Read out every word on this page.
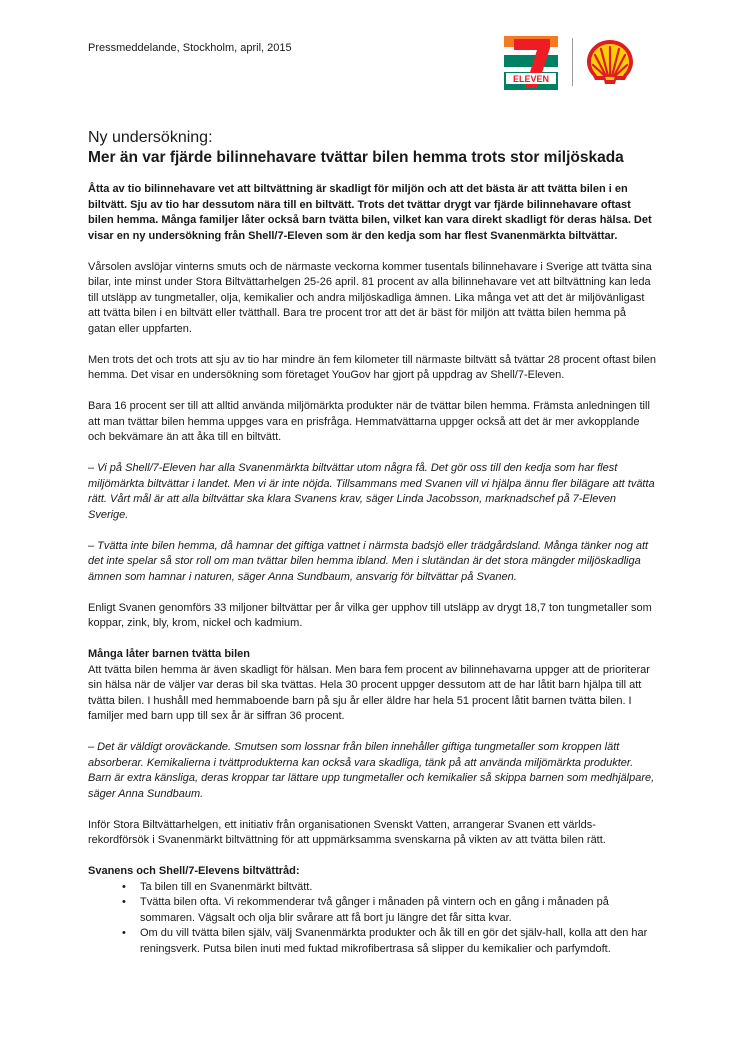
Pressmeddelande, Stockholm, april, 2015
ELEVEN
Ny undersökning:
Mer än var fjärde bilinnehavare tvättar bilen hemma trots stor miljöskada

Åtta av tio bilinnehavare vet att biltvättning är skadligt för miljön och att det bästa är att tvätta bilen i en biltvätt. Sju av tio har dessutom nära till en biltvätt. Trots det tvättar drygt var fjärde bilinnehavare oftast bilen hemma. Många familjer låter också barn tvätta bilen, vilket kan vara direkt skadligt för deras hälsa. Det visar en ny undersökning från Shell/7-Eleven som är den kedja som har flest Svanenmärkta biltvättar.

Vårsolen avslöjar vinterns smuts och de närmaste veckorna kommer tusentals bilinnehavare i Sverige att tvätta sina bilar, inte minst under Stora Biltvättarhelgen 25-26 april. 81 procent av alla bilinnehavare vet att biltvättning kan leda till utsläpp av tungmetaller, olja, kemikalier och andra miljöskadliga ämnen. Lika många vet att det är miljövänligast att tvätta bilen i en biltvätt eller tvätthall. Bara tre procent tror att det är bäst för miljön att tvätta bilen hemma på gatan eller uppfarten.

Men trots det och trots att sju av tio har mindre än fem kilometer till närmaste biltvätt så tvättar 28 procent oftast bilen hemma. Det visar en undersökning som företaget YouGov har gjort på uppdrag av Shell/7-Eleven.

Bara 16 procent ser till att alltid använda miljömärkta produkter när de tvättar bilen hemma. Främsta anledningen till att man tvättar bilen hemma uppges vara en prisfråga. Hemmatvättarna uppger också att det är mer avkopplande och bekvämare än att åka till en biltvätt.

– Vi på Shell/7-Eleven har alla Svanenmärkta biltvättar utom några få. Det gör oss till den kedja som har flest miljömärkta biltvättar i landet. Men vi är inte nöjda. Tillsammans med Svanen vill vi hjälpa ännu fler bilägare att tvätta rätt. Vårt mål är att alla biltvättar ska klara Svanens krav, säger Linda Jacobsson, marknadschef på 7-Eleven Sverige.

– Tvätta inte bilen hemma, då hamnar det giftiga vattnet i närmsta badsjö eller trädgårdsland. Många tänker nog att det inte spelar så stor roll om man tvättar bilen hemma ibland. Men i slutändan är det stora mängder miljöskadliga ämnen som hamnar i naturen, säger Anna Sundbaum, ansvarig för biltvättar på Svanen.

Enligt Svanen genomförs 33 miljoner biltvättar per år vilka ger upphov till utsläpp av drygt 18,7 ton tungmetaller som koppar, zink, bly, krom, nickel och kadmium.

Många låter barnen tvätta bilen

Att tvätta bilen hemma är även skadligt för hälsan. Men bara fem procent av bilinnehavarna uppger att de prioriterar sin hälsa när de väljer var deras bil ska tvättas. Hela 30 procent uppger dessutom att de har låtit barn hjälpa till att tvätta bilen. I hushåll med hemmaboende barn på sju år eller äldre har hela 51 procent låtit barnen tvätta bilen. I familjer med barn upp till sex år är siffran 36 procent.

– Det är väldigt oroväckande. Smutsen som lossnar från bilen innehåller giftiga tungmetaller som kroppen lätt absorberar. Kemikalierna i tvättprodukterna kan också vara skadliga, tänk på att använda miljömärkta produkter. Barn är extra känsliga, deras kroppar tar lättare upp tungmetaller och kemikalier så skippa barnen som medhjälpare, säger Anna Sundbaum.

Inför Stora Biltvättarhelgen, ett initiativ från organisationen Svenskt Vatten, arrangerar Svanen ett världs-rekordförsök i Svanenmärkt biltvättning för att uppmärksamma svenskarna på vikten av att tvätta bilen rätt.

Svanens och Shell/7-Elevens biltvättråd:
• Ta bilen till en Svanenmärkt biltvätt.
• Tvätta bilen ofta. Vi rekommenderar två gånger i månaden på vintern och en gång i månaden på sommaren. Vägsalt och olja blir svårare att få bort ju längre det får sitta kvar.
• Om du vill tvätta bilen själv, välj Svanenmärkta produkter och åk till en gör det själv-hall, kolla att den har reningsverk. Putsa bilen inuti med fuktad mikrofibertrasa så slipper du kemikalier och parfymdoft.
